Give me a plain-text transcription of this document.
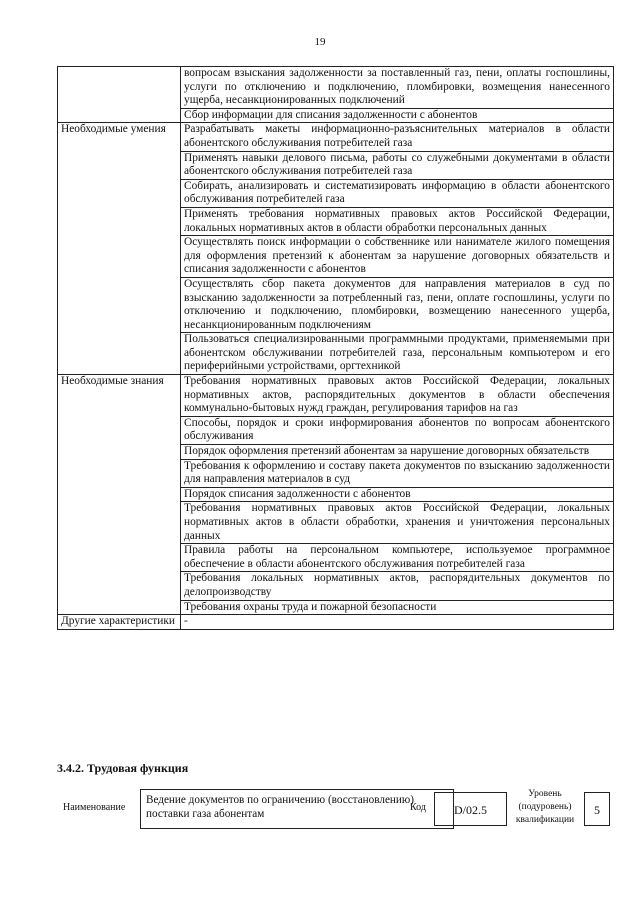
19
	вопросам взыскания задолженности за поставленный газ, пени, оплаты госпошлины, услуги по отключению и подключению, пломбировки, возмещения нанесенного ущерба, несанкционированных подключений
	Сбор информации для списания задолженности с абонентов
Необходимые умения	Разрабатывать макеты информационно-разъяснительных материалов в области абонентского обслуживания потребителей газа
	Применять навыки делового письма, работы со служебными документами в области абонентского обслуживания потребителей газа
	Собирать, анализировать и систематизировать информацию в области абонентского обслуживания потребителей газа
	Применять требования нормативных правовых актов Российской Федерации, локальных нормативных актов в области обработки персональных данных
	Осуществлять поиск информации о собственнике или нанимателе жилого помещения для оформления претензий к абонентам за нарушение договорных обязательств и списания задолженности с абонентов
	Осуществлять сбор пакета документов для направления материалов в суд по взысканию задолженности за потребленный газ, пени, оплате госпошлины, услуги по отключению и подключению, пломбировки, возмещению нанесенного ущерба, несанкционированным подключениям
	Пользоваться специализированными программными продуктами, применяемыми при абонентском обслуживании потребителей газа, персональным компьютером и его периферийными устройствами, оргтехникой
Необходимые знания	Требования нормативных правовых актов Российской Федерации, локальных нормативных актов, распорядительных документов в области обеспечения коммунально-бытовых нужд граждан, регулирования тарифов на газ
	Способы, порядок и сроки информирования абонентов по вопросам абонентского обслуживания
	Порядок оформления претензий абонентам за нарушение договорных обязательств
	Требования к оформлению и составу пакета документов по взысканию задолженности для направления материалов в суд
	Порядок списания задолженности с абонентов
	Требования нормативных правовых актов Российской Федерации, локальных нормативных актов в области обработки, хранения и уничтожения персональных данных
	Правила работы на персональном компьютере, используемое программное обеспечение в области абонентского обслуживания потребителей газа
	Требования локальных нормативных актов, распорядительных документов по делопроизводству
	Требования охраны труда и пожарной безопасности
Другие характеристики	-
3.4.2. Трудовая функция
Наименование
Ведение документов по ограничению (восстановлению) поставки газа абонентам
Код	D/02.5
Уровень (подуровень) квалификации
5
